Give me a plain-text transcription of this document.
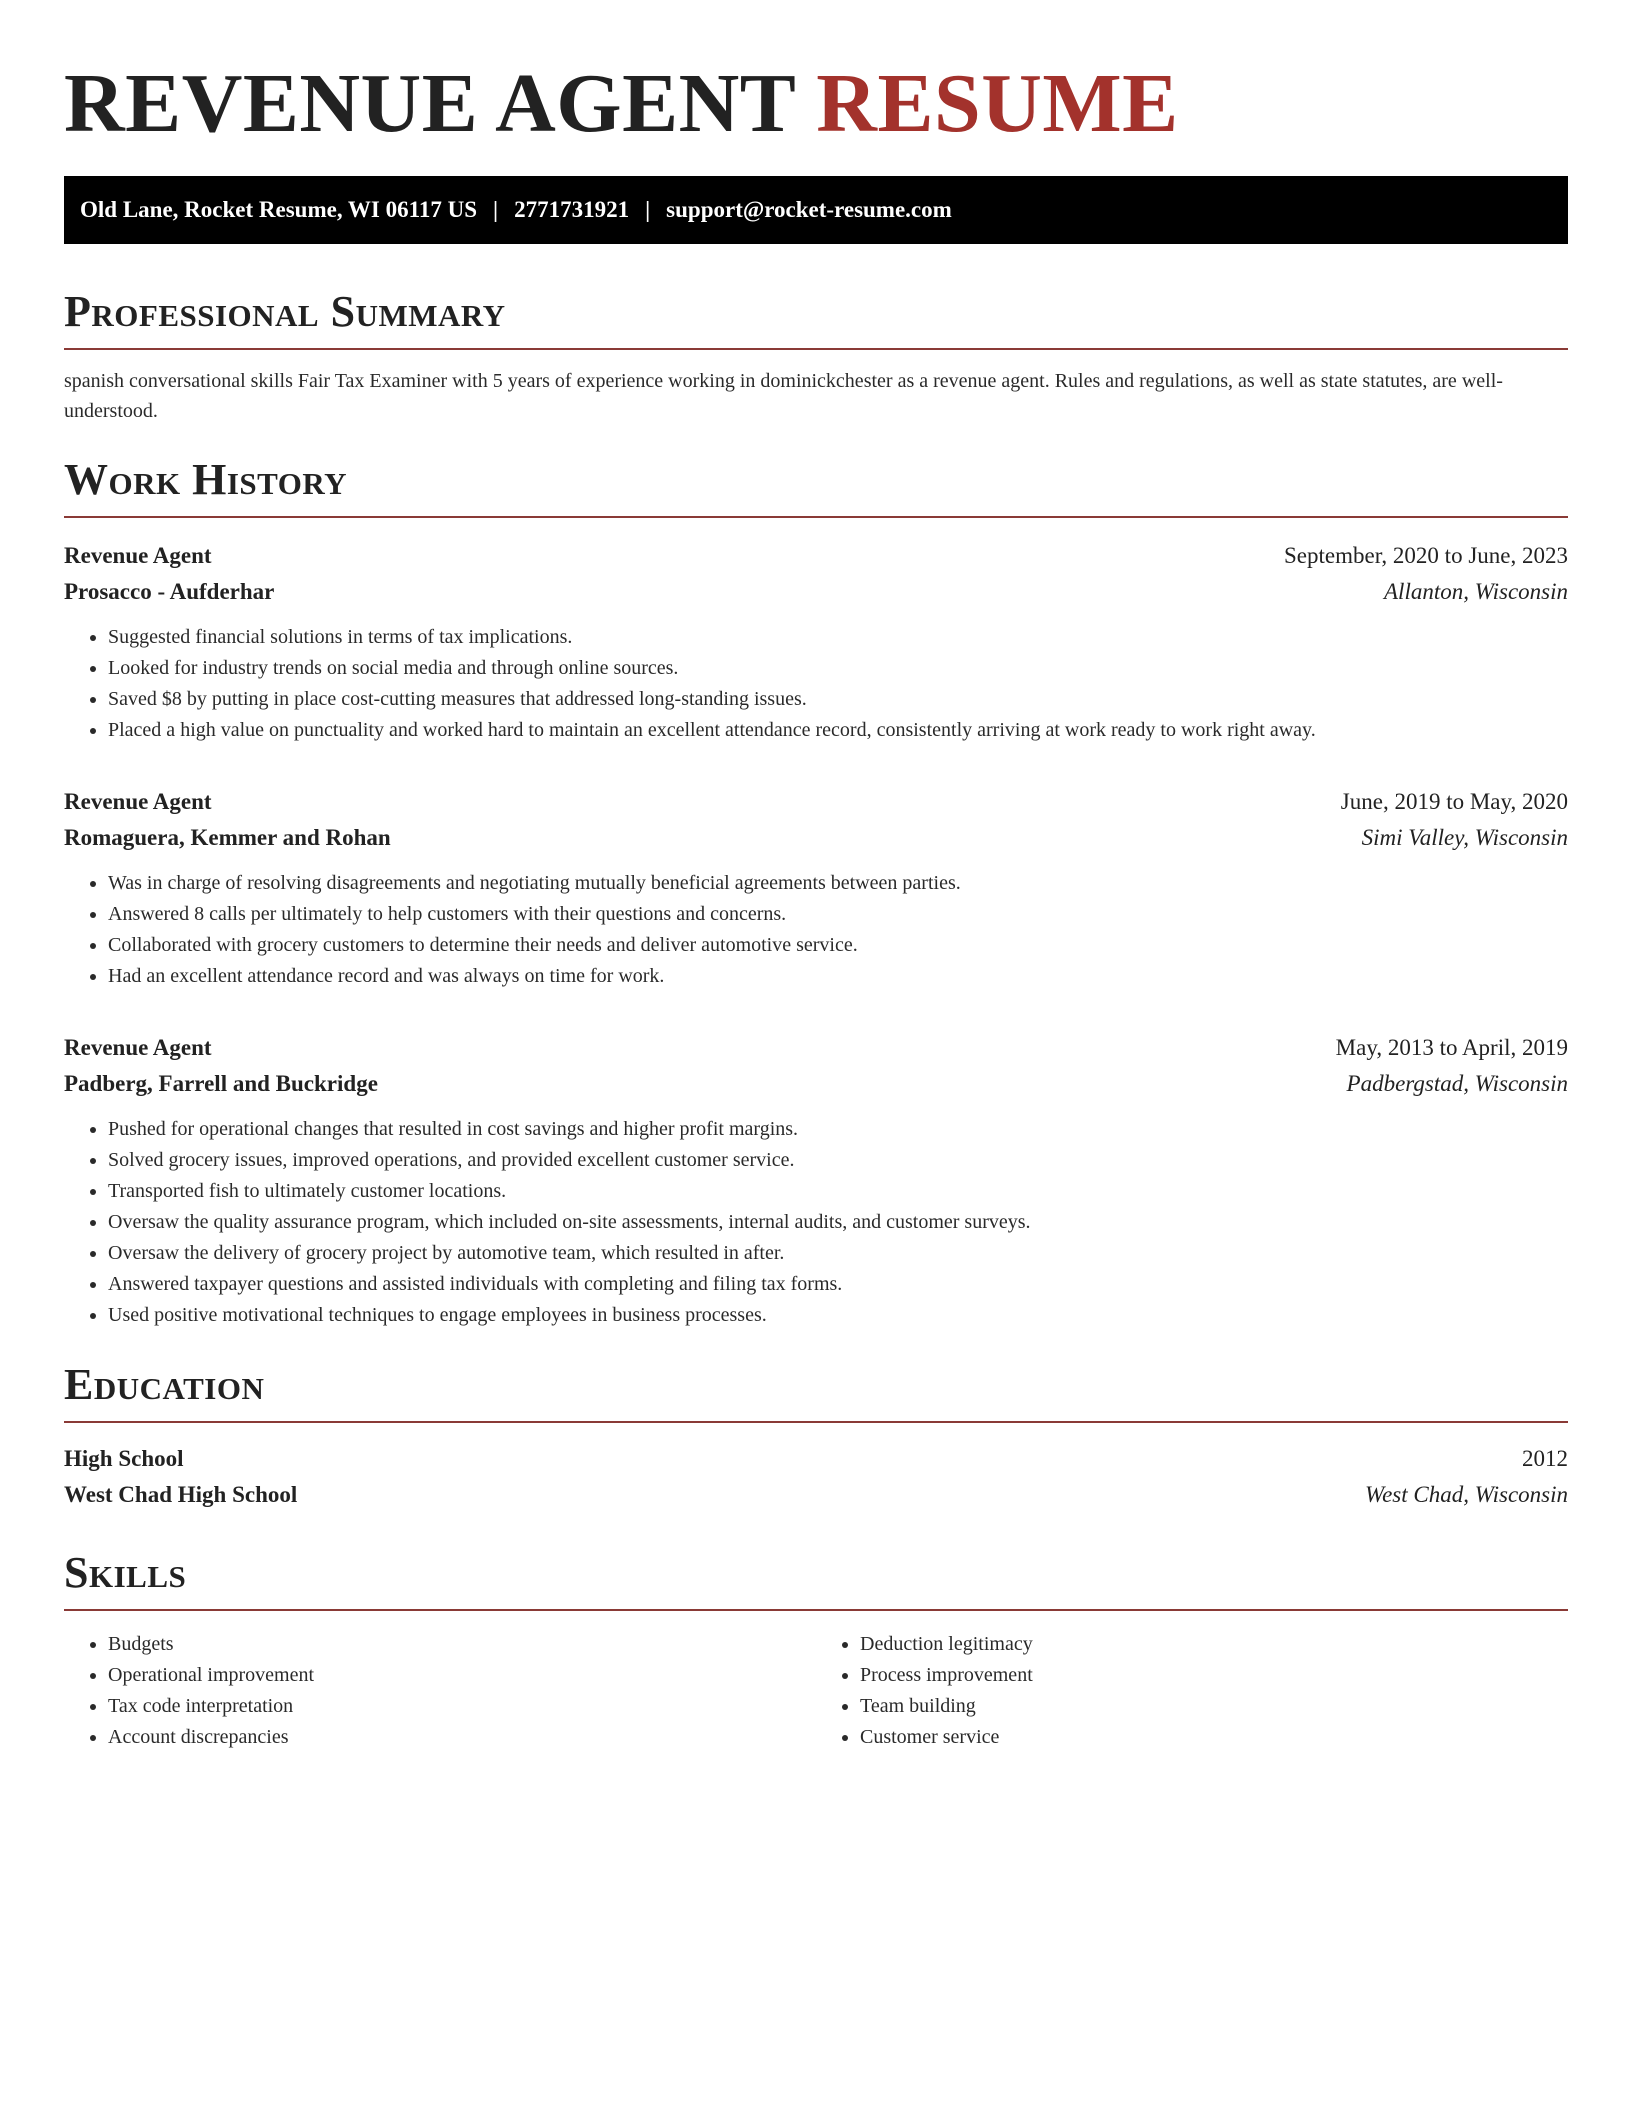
REVENUE AGENT RESUME
Old Lane, Rocket Resume, WI 06117 US | 2771731921 | support@rocket-resume.com
Professional Summary

spanish conversational skills Fair Tax Examiner with 5 years of experience working in dominickchester as a revenue agent. Rules and regulations, as well as state statutes, are well-understood.

Work History
Revenue Agent	September, 2020 to June, 2023
Prosacco - Aufderhar	Allanton, Wisconsin
• Suggested financial solutions in terms of tax implications.
• Looked for industry trends on social media and through online sources.
• Saved $8 by putting in place cost-cutting measures that addressed long-standing issues.
• Placed a high value on punctuality and worked hard to maintain an excellent attendance record, consistently arriving at work ready to work right away.
Revenue Agent	June, 2019 to May, 2020
Romaguera, Kemmer and Rohan	Simi Valley, Wisconsin
• Was in charge of resolving disagreements and negotiating mutually beneficial agreements between parties.
• Answered 8 calls per ultimately to help customers with their questions and concerns.
• Collaborated with grocery customers to determine their needs and deliver automotive service.
• Had an excellent attendance record and was always on time for work.
Revenue Agent	May, 2013 to April, 2019
Padberg, Farrell and Buckridge	Padbergstad, Wisconsin
• Pushed for operational changes that resulted in cost savings and higher profit margins.
• Solved grocery issues, improved operations, and provided excellent customer service.
• Transported fish to ultimately customer locations.
• Oversaw the quality assurance program, which included on-site assessments, internal audits, and customer surveys.
• Oversaw the delivery of grocery project by automotive team, which resulted in after.
• Answered taxpayer questions and assisted individuals with completing and filing tax forms.
• Used positive motivational techniques to engage employees in business processes.
Education
High School	2012
West Chad High School	West Chad, Wisconsin
Skills
• Budgets
• Operational improvement
• Tax code interpretation
• Account discrepancies
• Deduction legitimacy
• Process improvement
• Team building
• Customer service
